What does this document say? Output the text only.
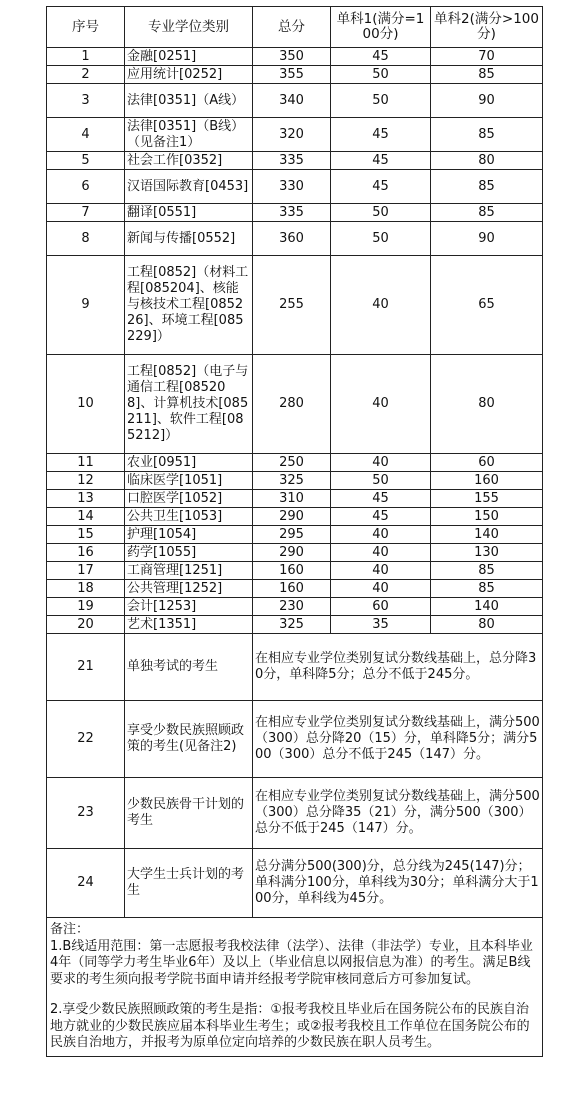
序号	专业学位类别	总分	单科1(满分=100分)	单科2(满分>100分)
1	金融[0251]	350	45	70
2	应用统计[0252]	355	50	85
3	法律[0351]（A线）	340	50	90
4	法律[0351]（B线）（见备注1）	320	45	85
5	社会工作[0352]	335	45	80
6	汉语国际教育[0453]	330	45	85
7	翻译[0551]	335	50	85
8	新闻与传播[0552]	360	50	90
9	工程[0852]（材料工程[085204]、核能与核技术工程[085226]、环境工程[085229]）	255	40	65
10	工程[0852]（电子与通信工程[085208]、计算机技术[085211]、软件工程[085212]）	280	40	80
11	农业[0951]	250	40	60
12	临床医学[1051]	325	50	160
13	口腔医学[1052]	310	45	155
14	公共卫生[1053]	290	45	150
15	护理[1054]	295	40	140
16	药学[1055]	290	40	130
17	工商管理[1251]	160	40	85
18	公共管理[1252]	160	40	85
19	会计[1253]	230	60	140
20	艺术[1351]	325	35	80
21	单独考试的考生	在相应专业学位类别复试分数线基础上，总分降30分，单科降5分；总分不低于245分。		
22	享受少数民族照顾政策的考生(见备注2)	在相应专业学位类别复试分数线基础上，满分500（300）总分降20（15）分，单科降5分；满分500（300）总分不低于245（147）分。		
23	少数民族骨干计划的考生	在相应专业学位类别复试分数线基础上，满分500（300）总分降35（21）分，满分500（300）总分不低于245（147）分。		
24	大学生士兵计划的考生	总分满分500(300)分，总分线为245(147)分；单科满分100分，单科线为30分；单科满分大于100分，单科线为45分。		

备注：

1.B线适用范围：第一志愿报考我校法律（法学）、法律（非法学）专业，且本科毕业4年（同等学力考生毕业6年）及以上（毕业信息以网报信息为准）的考生。满足B线要求的考生须向报考学院书面申请并经报考学院审核同意后方可参加复试。

2.享受少数民族照顾政策的考生是指：①报考我校且毕业后在国务院公布的民族自治地方就业的少数民族应届本科毕业生考生；或②报考我校且工作单位在国务院公布的民族自治地方，并报考为原单位定向培养的少数民族在职人员考生。				
